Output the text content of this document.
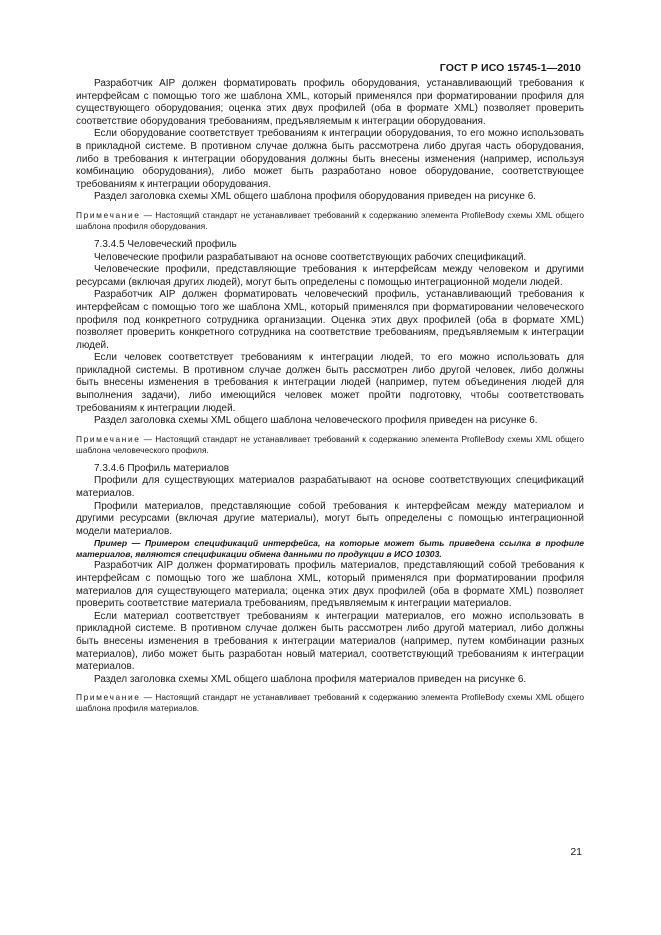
ГОСТ Р ИСО 15745-1—2010

Разработчик AIP должен форматировать профиль оборудования, устанавливающий требования к интерфейсам с помощью того же шаблона XML, который применялся при форматировании профиля для существующего оборудования; оценка этих двух профилей (оба в формате XML) позволяет проверить соответствие оборудования требованиям, предъявляемым к интеграции оборудования.

Если оборудование соответствует требованиям к интеграции оборудования, то его можно использовать в прикладной системе. В противном случае должна быть рассмотрена либо другая часть оборудования, либо в требования к интеграции оборудования должны быть внесены изменения (например, используя комбинацию оборудования), либо может быть разработано новое оборудование, соответствующее требованиям к интеграции оборудования.

Раздел заголовка схемы XML общего шаблона профиля оборудования приведен на рисунке 6.

Примечание — Настоящий стандарт не устанавливает требований к содержанию элемента ProfileBody схемы XML общего шаблона профиля оборудования.

7.3.4.5 Человеческий профиль

Человеческие профили разрабатывают на основе соответствующих рабочих спецификаций.

Человеческие профили, представляющие требования к интерфейсам между человеком и другими ресурсами (включая других людей), могут быть определены с помощью интеграционной модели людей.

Разработчик AIP должен форматировать человеческий профиль, устанавливающий требования к интерфейсам с помощью того же шаблона XML, который применялся при форматировании человеческого профиля под конкретного сотрудника организации. Оценка этих двух профилей (оба в формате XML) позволяет проверить конкретного сотрудника на соответствие требованиям, предъявляемым к интеграции людей.

Если человек соответствует требованиям к интеграции людей, то его можно использовать для прикладной системы. В противном случае должен быть рассмотрен либо другой человек, либо должны быть внесены изменения в требования к интеграции людей (например, путем объединения людей для выполнения задачи), либо имеющийся человек может пройти подготовку, чтобы соответствовать требованиям к интеграции людей.

Раздел заголовка схемы XML общего шаблона человеческого профиля приведен на рисунке 6.

Примечание — Настоящий стандарт не устанавливает требований к содержанию элемента ProfileBody схемы XML общего шаблона человеческого профиля.

7.3.4.6 Профиль материалов

Профили для существующих материалов разрабатывают на основе соответствующих спецификаций материалов.

Профили материалов, представляющие собой требования к интерфейсам между материалом и другими ресурсами (включая другие материалы), могут быть определены с помощью интеграционной модели материалов.

Пример — Примером спецификаций интерфейса, на которые может быть приведена ссылка в профиле материалов, являются спецификации обмена данными по продукции в ИСО 10303.

Разработчик AIP должен форматировать профиль материалов, представляющий собой требования к интерфейсам с помощью того же шаблона XML, который применялся при форматировании профиля материалов для существующего материала; оценка этих двух профилей (оба в формате XML) позволяет проверить соответствие материала требованиям, предъявляемым к интеграции материалов.

Если материал соответствует требованиям к интеграции материалов, его можно использовать в прикладной системе. В противном случае должен быть рассмотрен либо другой материал, либо должны быть внесены изменения в требования к интеграции материалов (например, путем комбинации разных материалов), либо может быть разработан новый материал, соответствующий требованиям к интеграции материалов.

Раздел заголовка схемы XML общего шаблона профиля материалов приведен на рисунке 6.

Примечание — Настоящий стандарт не устанавливает требований к содержанию элемента ProfileBody схемы XML общего шаблона профиля материалов.

21
